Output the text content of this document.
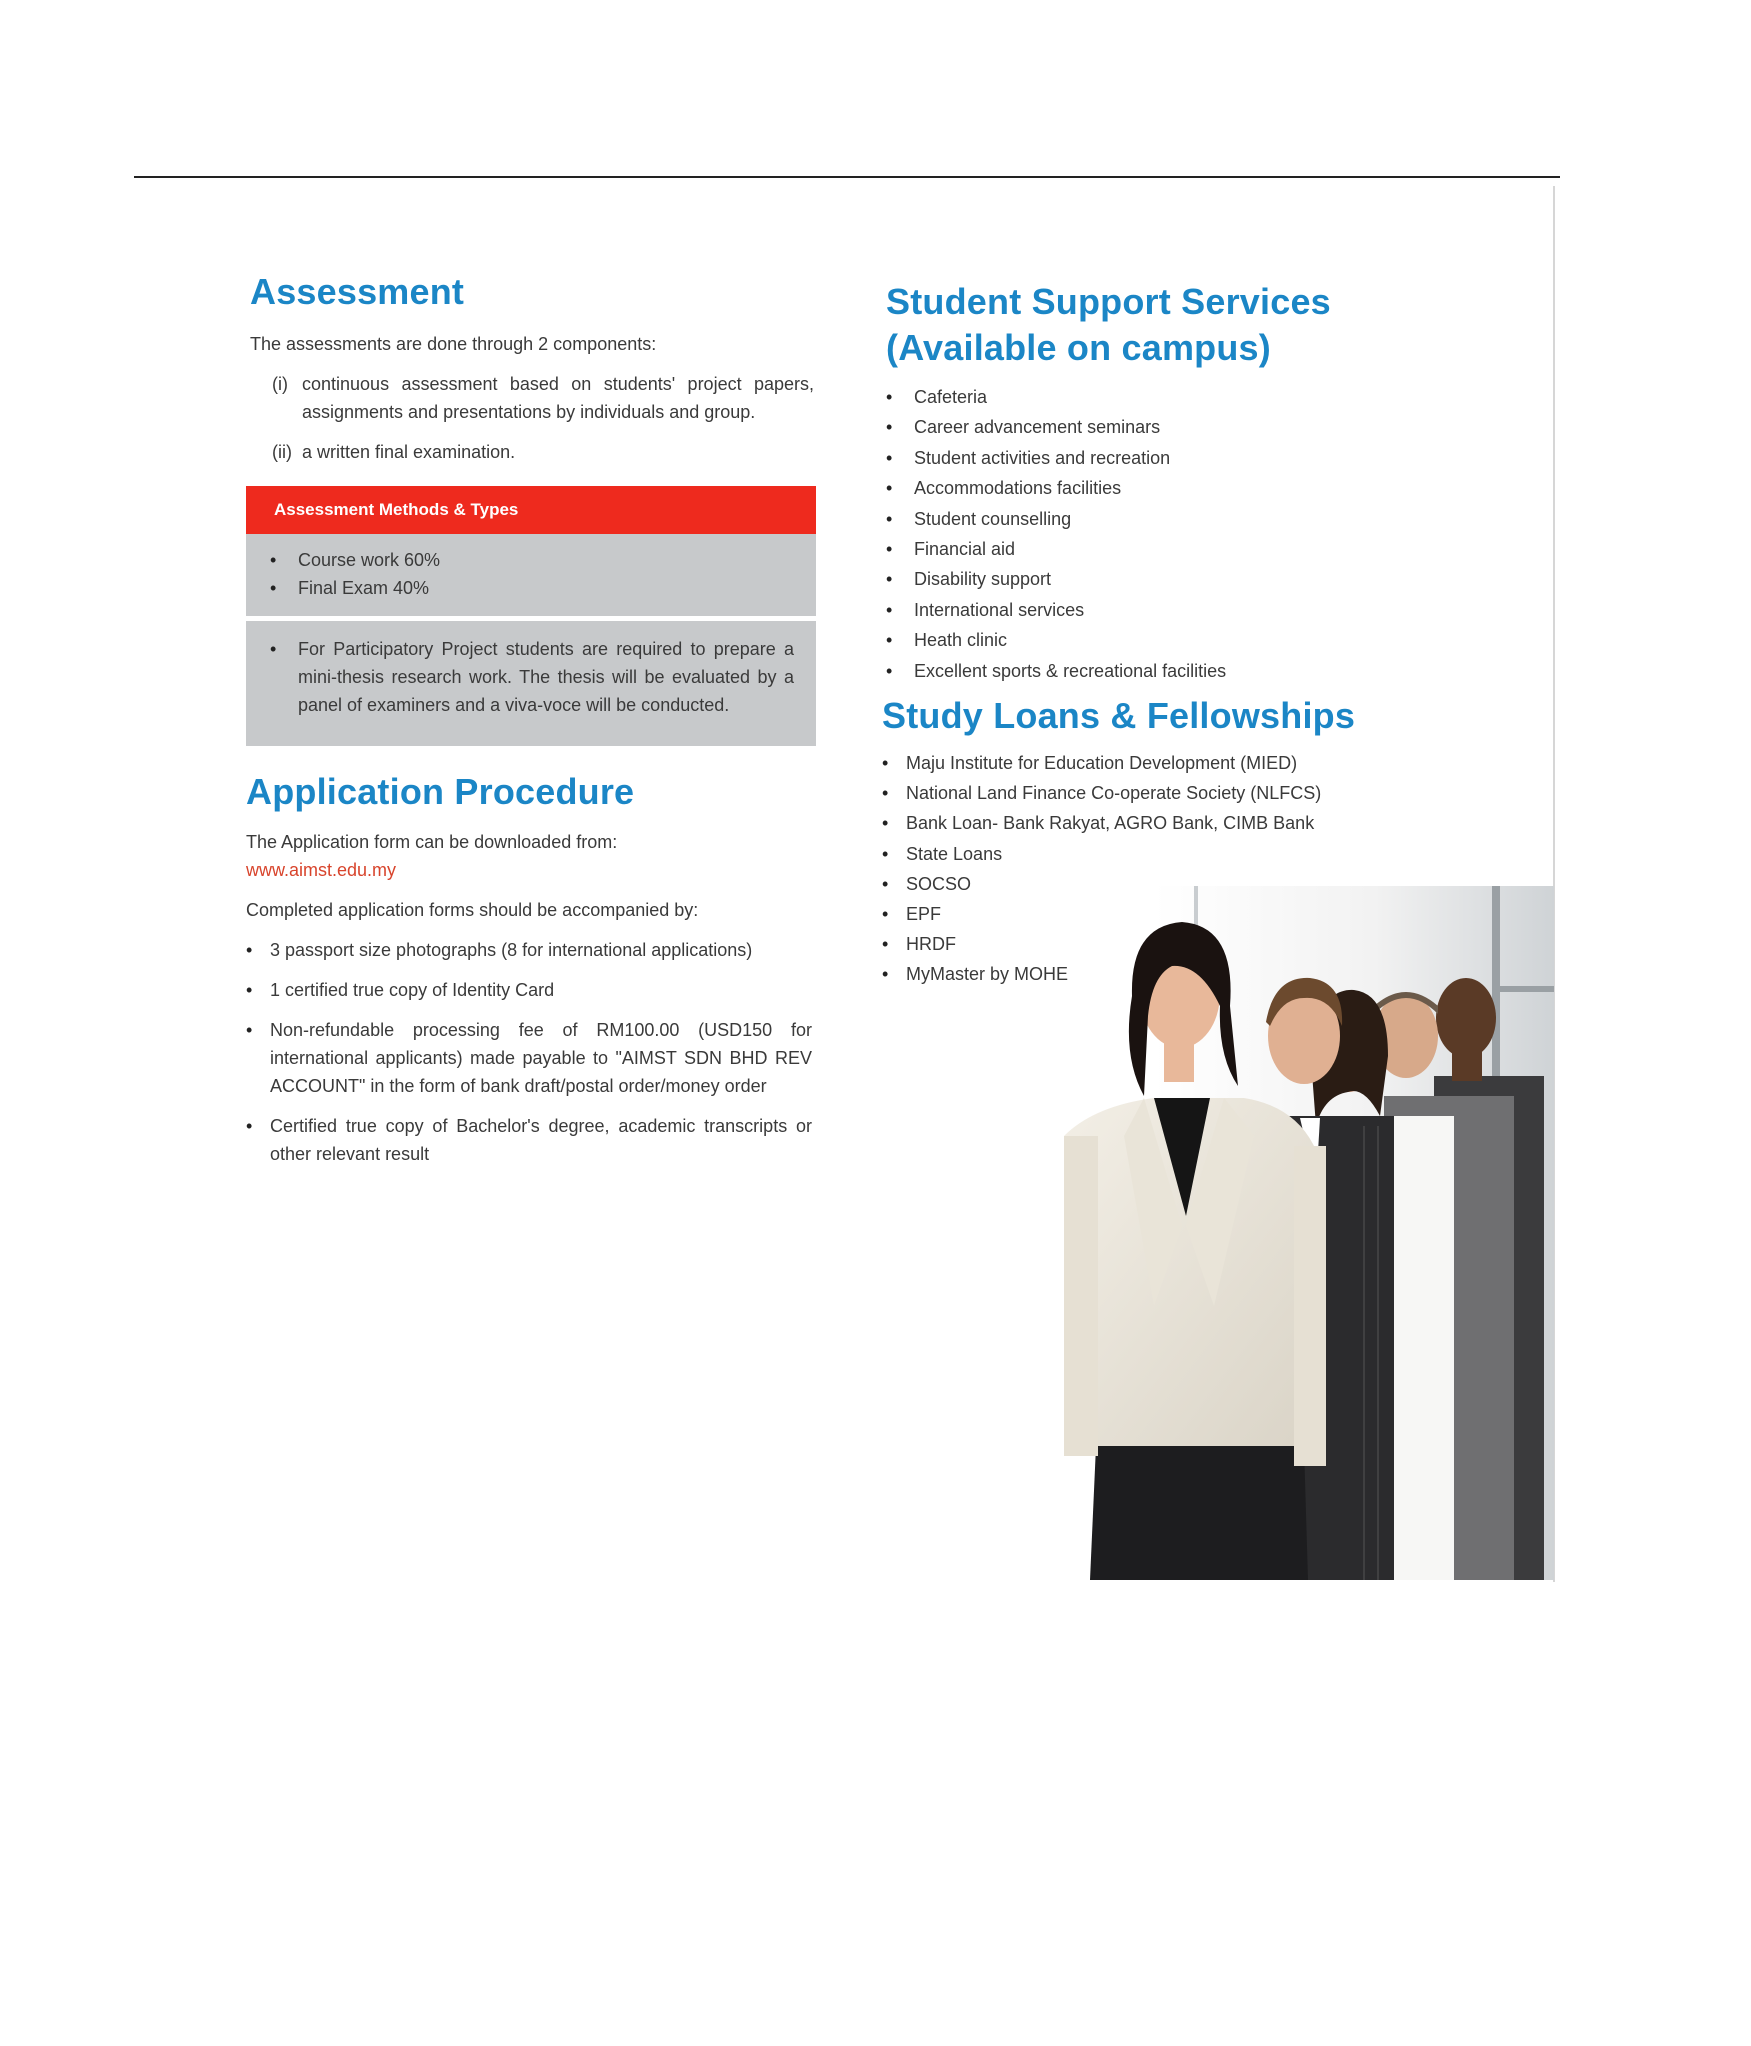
Assessment

The assessments are done through 2 components:

(i) continuous assessment based on students' project papers, assignments and presentations by individuals and group.

(ii) a written final examination.

Assessment Methods & Types
• Course work 60%
• Final Exam 40%
• For Participatory Project students are required to prepare a mini-thesis research work. The thesis will be evaluated by a panel of examiners and a viva-voce will be conducted.
Application Procedure

The Application form can be downloaded from:

www.aimst.edu.my

Completed application forms should be accompanied by:

• 3 passport size photographs (8 for international applications)
• 1 certified true copy of Identity Card
• Non-refundable processing fee of RM100.00 (USD150 for international applicants) made payable to "AIMST SDN BHD REV ACCOUNT" in the form of bank draft/postal order/money order
• Certified true copy of Bachelor's degree, academic transcripts or other relevant result
Student Support Services
(Available on campus)
• Cafeteria
• Career advancement seminars
• Student activities and recreation
• Accommodations facilities
• Student counselling
• Financial aid
• Disability support
• International services
• Heath clinic
• Excellent sports & recreational facilities
Study Loans & Fellowships
• Maju Institute for Education Development (MIED)
• National Land Finance Co-operate Society (NLFCS)
• Bank Loan- Bank Rakyat, AGRO Bank, CIMB Bank
• State Loans
• SOCSO
• EPF
• HRDF
• MyMaster by MOHE
